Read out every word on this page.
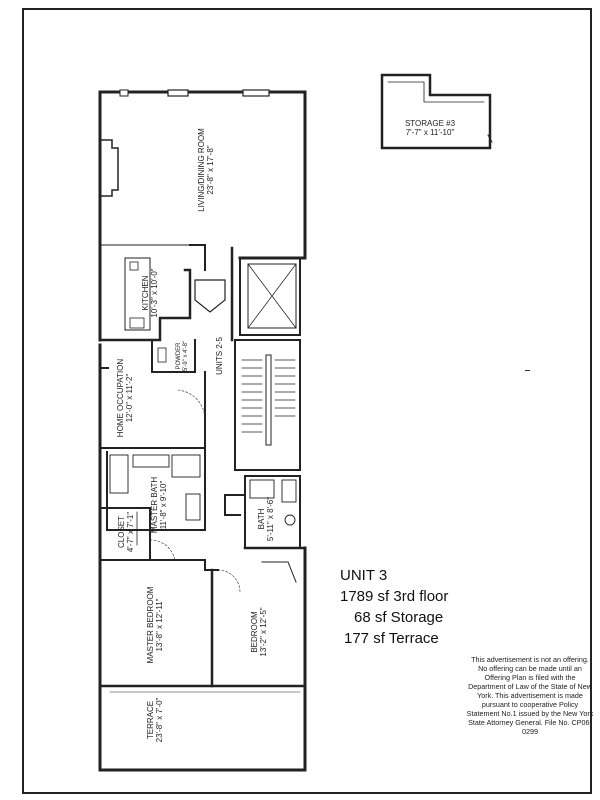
LIVING/DINING ROOM 23'-8" x 17'-8"
KITCHEN 10'-3" x 10'-0"
POWDER 5'-9" x 4'-8"	UNITS 2-5
HOME OCCUPATION 12'-0" x 11'-2"
MASTER BATH 11'-8" x 9'-10"
CLOSET 4'-7" x 7'-1"
MASTER BEDROOM 13'-8" x 12'-11"	BEDROOM 13'-2" x 12'-5"
BATH 5'-11" x 8'-6"
TERRACE 23'-8" x 7'-0"
STORAGE #3
7'-7" x 11'-10"
UNIT 3
1789 sf 3rd floor
68 sf Storage
177 sf Terrace
This advertisement is not an offering. No offering can be made until an Offering Plan is filed with the Department of Law of the State of New York. This advertisement is made pursuant to cooperative Policy Statement No.1 issued by the New York State Attorney General. File No. CP06-0299
